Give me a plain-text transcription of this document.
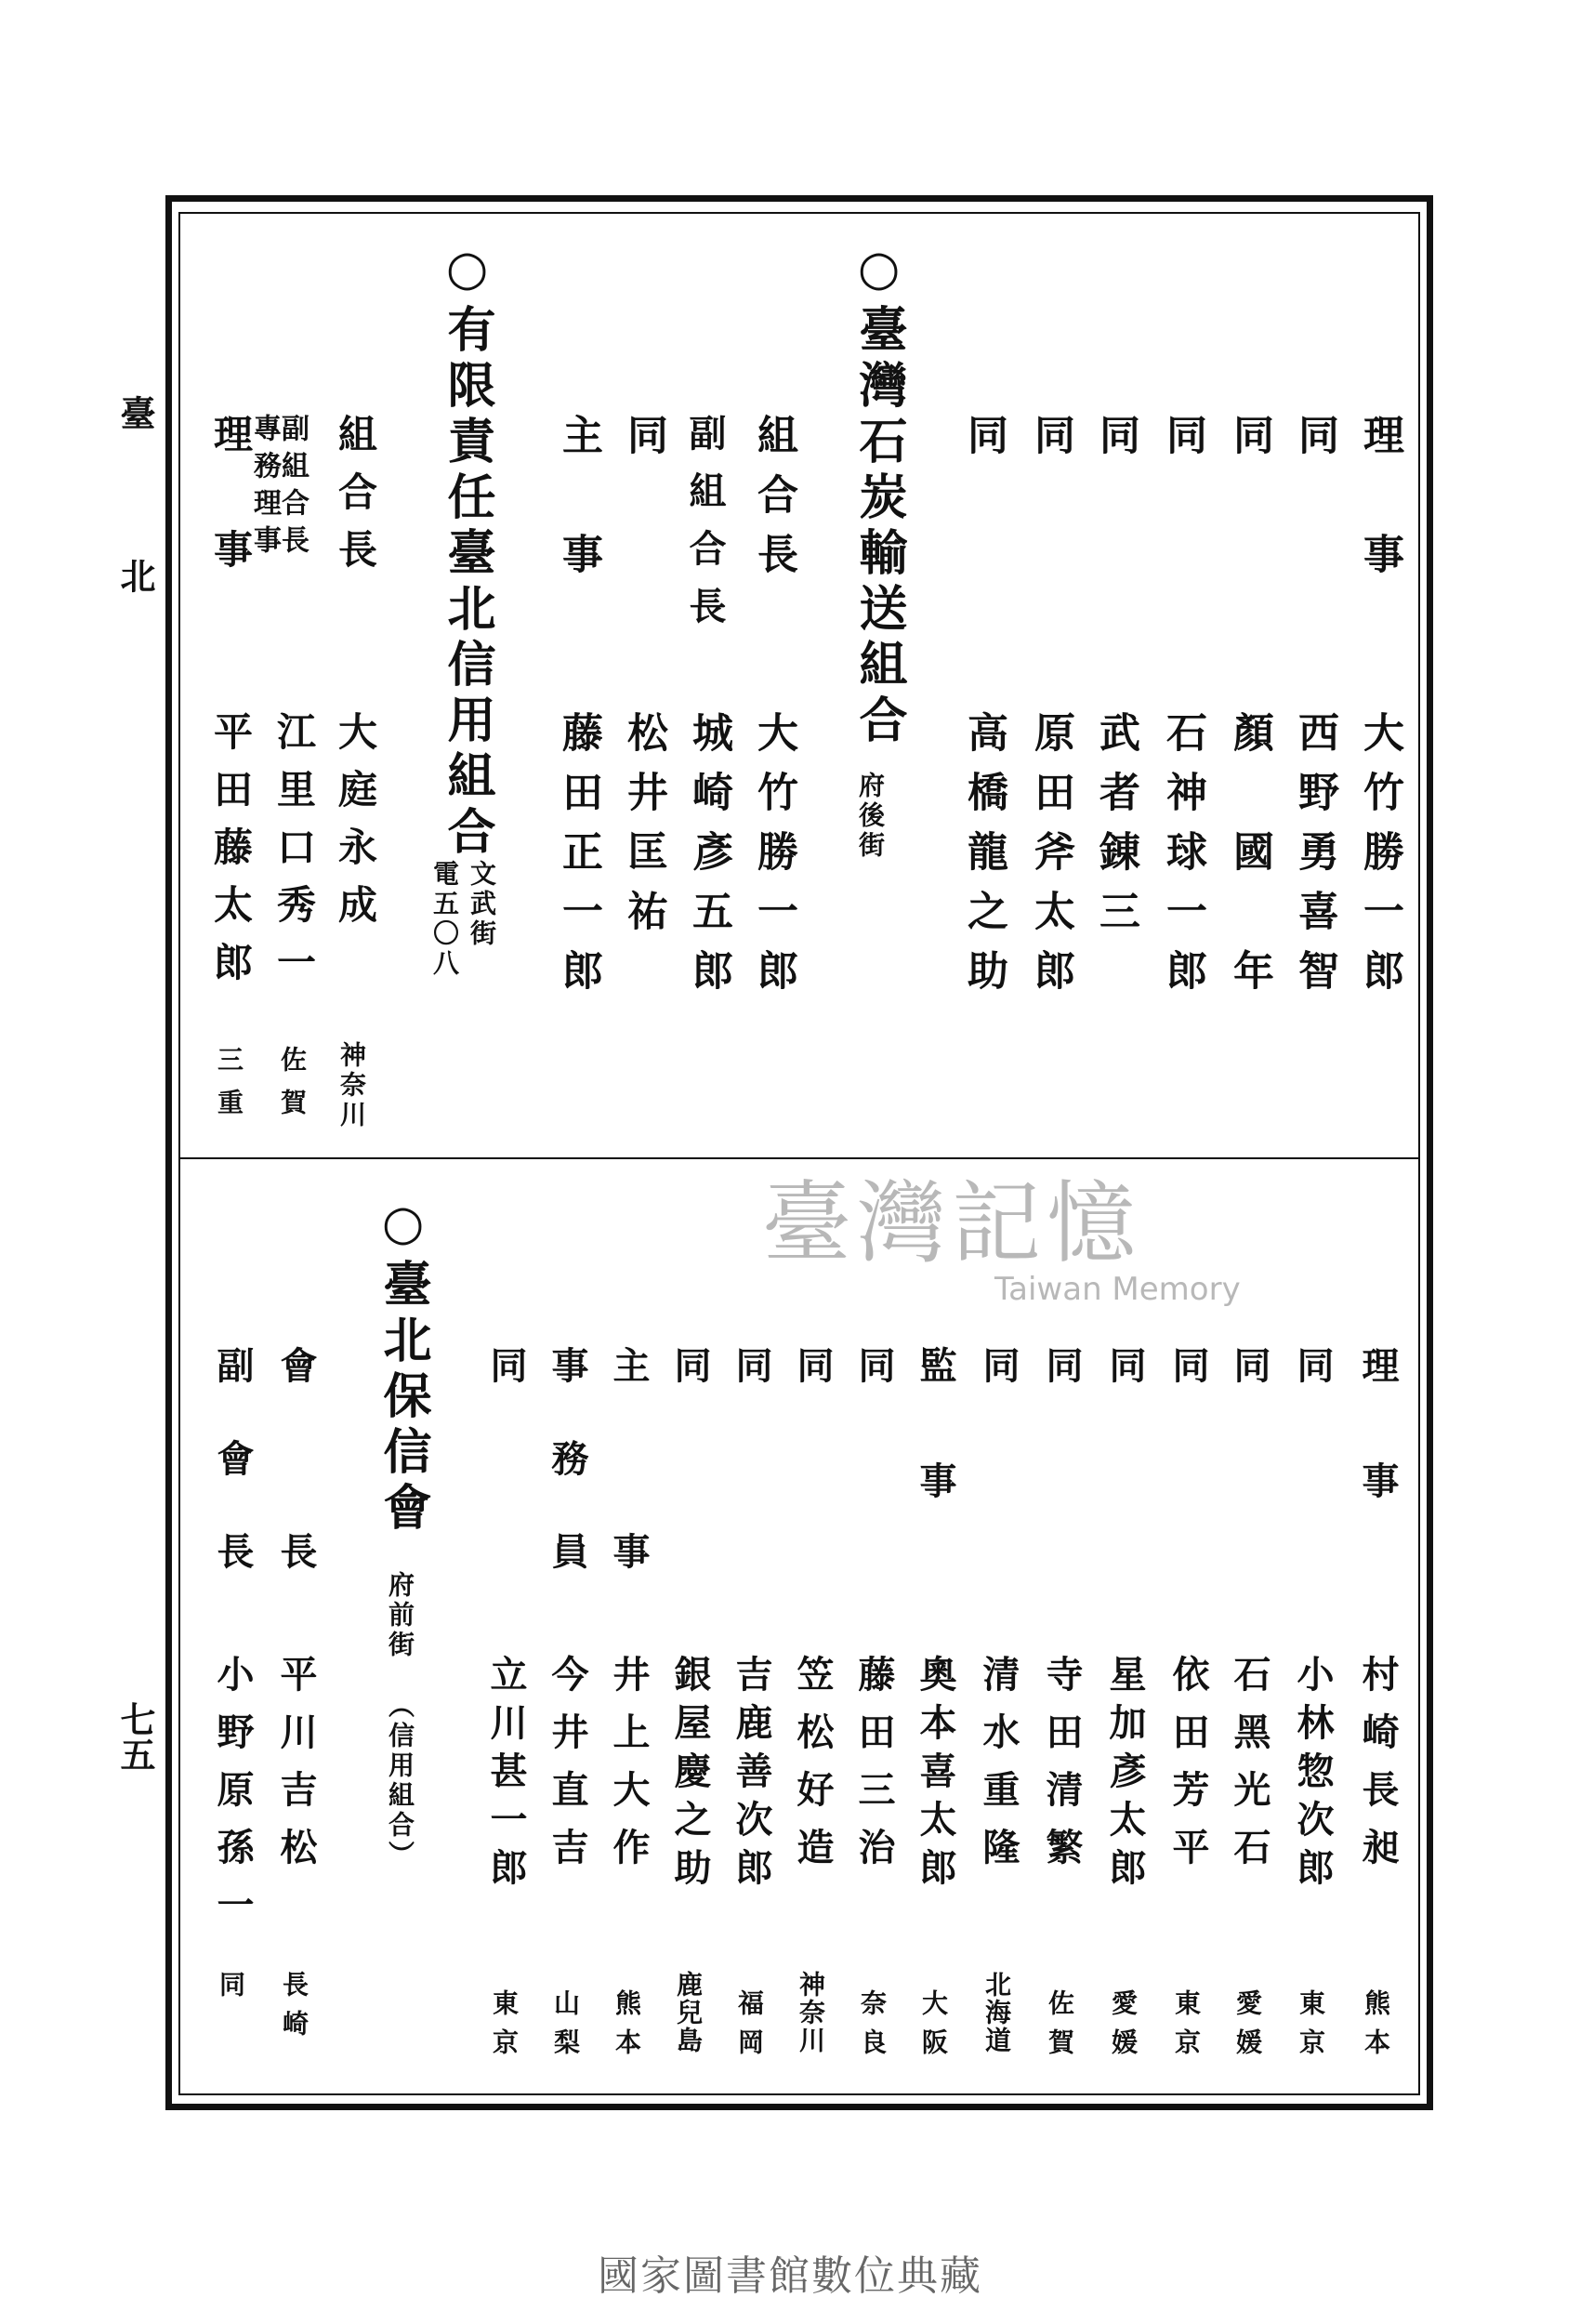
臺
北
七五
理　事
大竹勝一郎
同
西野勇喜智
同
顏　國　年
同
石神球一郎
同
武者錬三
同
原田斧太郎
同
高橋龍之助
○臺灣石炭輸送組合
府後街
組合長
大竹勝一郎
副組合長
城崎彥五郎
同
松井匡祐
主　事
藤田正一郎
○有限責任臺北信用組合
文武街
電五〇八
組合長
大庭永成
神奈川
副組合長
專務理事
江里口秀一
佐賀
理　事
平田藤太郎
三重
理　事
村崎長昶
熊本
同
小林惣次郎
東京
同
石黑光石
愛媛
同
依田芳平
東京
同
星加彥太郎
愛媛
同
寺田清繁
佐賀
同
清水重隆
北海道
監　事
奧本喜太郎
大阪
同
藤田三治
奈良
同
笠松好造
神奈川
同
吉鹿善次郎
福岡
同
銀屋慶之助
鹿兒島
主　事
井上大作
熊本
事務員
今井直吉
山梨
同
立川甚一郎
東京
○臺北保信會
府前街
（信用組合）
會　長
平川吉松
長崎
副會長
小野原孫一
同
臺灣記憶
Taiwan Memory
國家圖書館數位典藏
